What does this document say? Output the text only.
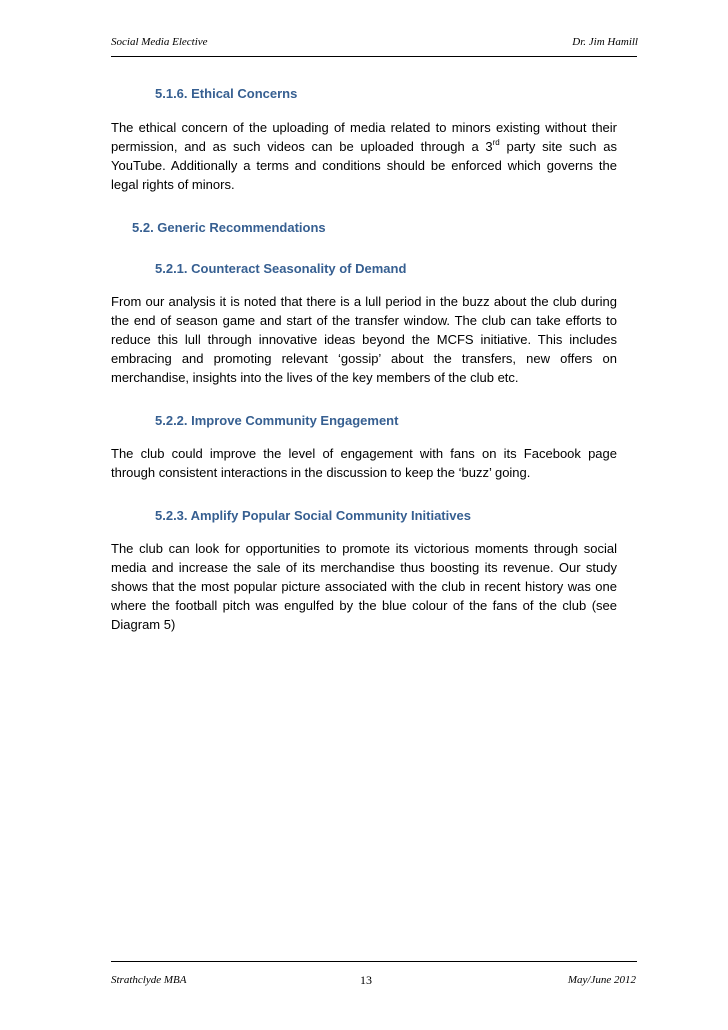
Social Media Elective	Dr. Jim Hamill
5.1.6. Ethical Concerns

The ethical concern of the uploading of media related to minors existing without their permission, and as such videos can be uploaded through a 3rd party site such as YouTube. Additionally a terms and conditions should be enforced which governs the legal rights of minors.

5.2. Generic Recommendations
5.2.1. Counteract Seasonality of Demand

From our analysis it is noted that there is a lull period in the buzz about the club during the end of season game and start of the transfer window. The club can take efforts to reduce this lull through innovative ideas beyond the MCFS initiative. This includes embracing and promoting relevant ‘gossip’ about the transfers, new offers on merchandise, insights into the lives of the key members of the club etc.

5.2.2. Improve Community Engagement

The club could improve the level of engagement with fans on its Facebook page through consistent interactions in the discussion to keep the ‘buzz’ going.

5.2.3. Amplify Popular Social Community Initiatives

The club can look for opportunities to promote its victorious moments through social media and increase the sale of its merchandise thus boosting its revenue. Our study shows that the most popular picture associated with the club in recent history was one where the football pitch was engulfed by the blue colour of the fans of the club (see Diagram 5)

Strathclyde MBA	13	May/June 2012
